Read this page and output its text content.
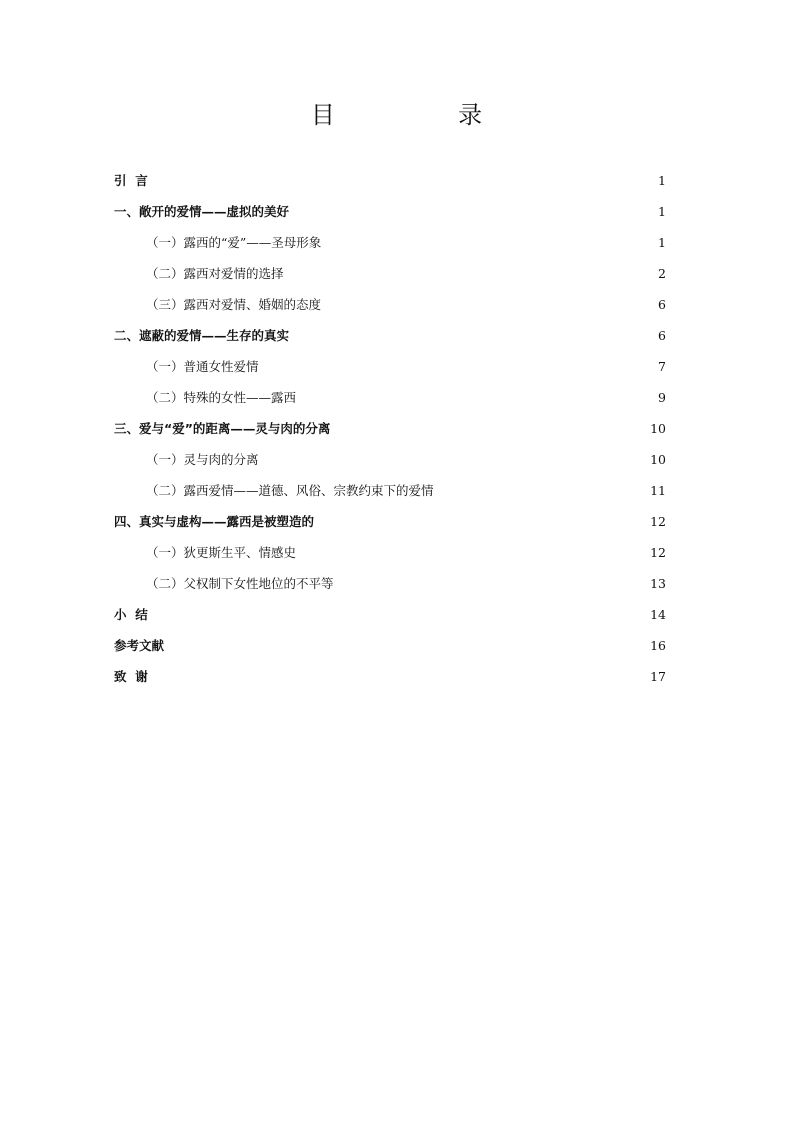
目  录
引  言	1
一、敞开的爱情——虚拟的美好	1
（一）露西的“爱”——圣母形象	1
（二）露西对爱情的选择	2
（三）露西对爱情、婚姻的态度	6
二、遮蔽的爱情——生存的真实	6
（一）普通女性爱情	7
（二）特殊的女性——露西	9
三、爱与“爱”的距离——灵与肉的分离	10
（一）灵与肉的分离	10
（二）露西爱情——道德、风俗、宗教约束下的爱情	11
四、真实与虚构——露西是被塑造的	12
（一）狄更斯生平、情感史	12
（二）父权制下女性地位的不平等	13
小  结	14
参考文献	16
致  谢	17
